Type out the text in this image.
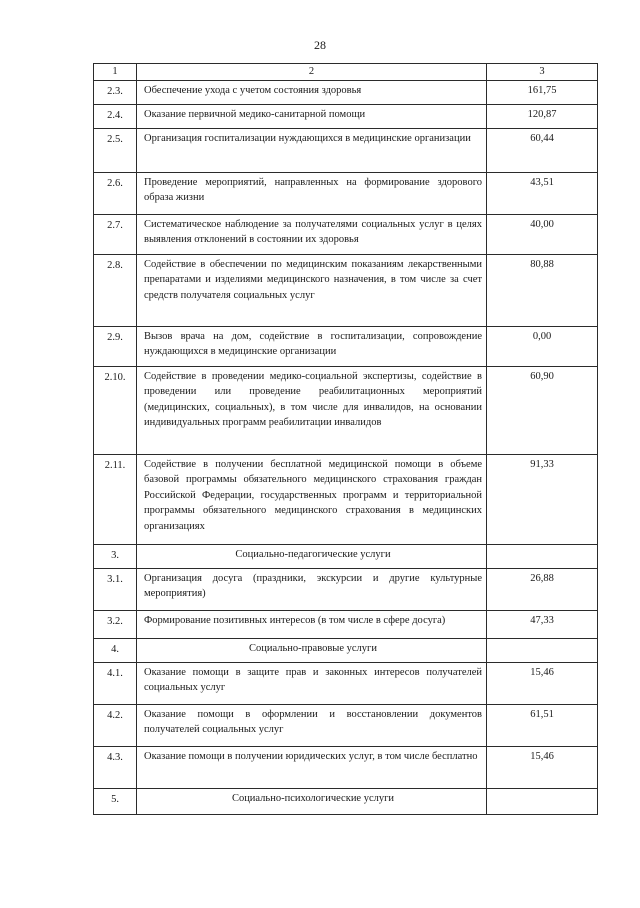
28
1	2	3
2.3.	Обеспечение ухода с учетом состояния здоровья	161,75
2.4.	Оказание первичной медико-санитарной помощи	120,87
2.5.	Организация госпитализации нуждающихся в медицинские организации	60,44
2.6.	Проведение мероприятий, направленных на формирование здорового образа жизни	43,51
2.7.	Систематическое наблюдение за получателями социальных услуг в целях выявления отклонений в состоянии их здоровья	40,00
2.8.	Содействие в обеспечении по медицинским показаниям лекарственными препаратами и изделиями медицинского назначения, в том числе за счет средств получателя социальных услуг	80,88
2.9.	Вызов врача на дом, содействие в госпитализации, сопровождение нуждающихся в медицинские организации	0,00
2.10.	Содействие в проведении медико-социальной экспертизы, содействие в проведении или проведение реабилитационных мероприятий (медицинских, социальных), в том числе для инвалидов, на основании индивидуальных программ реабилитации инвалидов	60,90
2.11.	Содействие в получении бесплатной медицинской помощи в объеме базовой программы обязательного медицинского страхования граждан Российской Федерации, государственных программ и территориальной программы обязательного медицинского страхования в медицинских организациях	91,33
3.	Социально-педагогические услуги	
3.1.	Организация досуга (праздники, экскурсии и другие культурные мероприятия)	26,88
3.2.	Формирование позитивных интересов (в том числе в сфере досуга)	47,33
4.	Социально-правовые услуги	
4.1.	Оказание помощи в защите прав и законных интересов получателей социальных услуг	15,46
4.2.	Оказание помощи в оформлении и восстановлении документов получателей социальных услуг	61,51
4.3.	Оказание помощи в получении юридических услуг, в том числе бесплатно	15,46
5.	Социально-психологические услуги	
